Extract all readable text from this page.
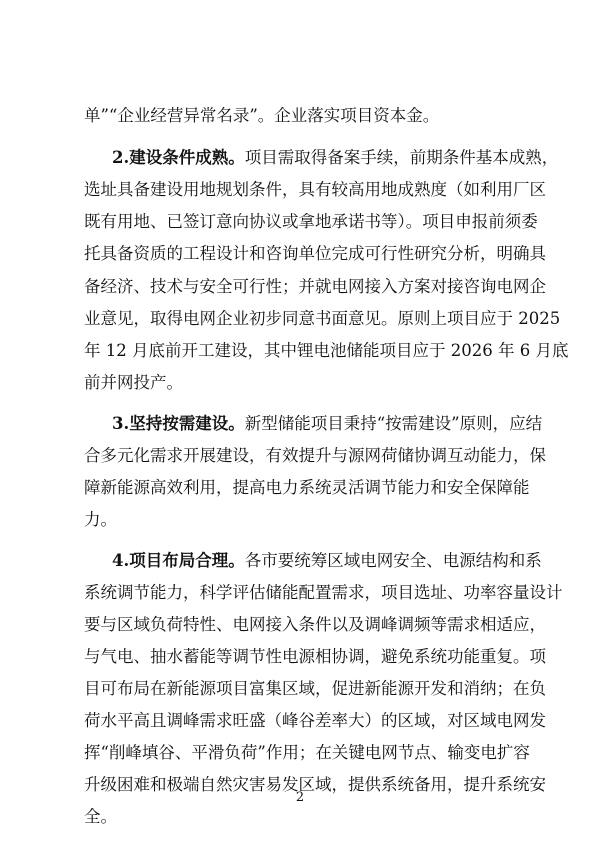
单”“企业经营异常名录”。企业落实项目资本金。
2.建设条件成熟。项目需取得备案手续，前期条件基本成熟，
选址具备建设用地规划条件，具有较高用地成熟度（如利用厂区
既有用地、已签订意向协议或拿地承诺书等）。项目申报前须委
托具备资质的工程设计和咨询单位完成可行性研究分析，明确具
备经济、技术与安全可行性；并就电网接入方案对接咨询电网企
业意见，取得电网企业初步同意书面意见。原则上项目应于 2025
年 12 月底前开工建设，其中锂电池储能项目应于 2026 年 6 月底
前并网投产。
3.坚持按需建设。新型储能项目秉持“按需建设”原则，应结
合多元化需求开展建设，有效提升与源网荷储协调互动能力，保
障新能源高效利用，提高电力系统灵活调节能力和安全保障能
力。
4.项目布局合理。各市要统筹区域电网安全、电源结构和系
系统调节能力，科学评估储能配置需求，项目选址、功率容量设计
要与区域负荷特性、电网接入条件以及调峰调频等需求相适应，
与气电、抽水蓄能等调节性电源相协调，避免系统功能重复。项
目可布局在新能源项目富集区域，促进新能源开发和消纳；在负
荷水平高且调峰需求旺盛（峰谷差率大）的区域，对区域电网发
挥“削峰填谷、平滑负荷”作用；在关键电网节点、输变电扩容
升级困难和极端自然灾害易发区域，提供系统备用，提升系统安
全。
2
